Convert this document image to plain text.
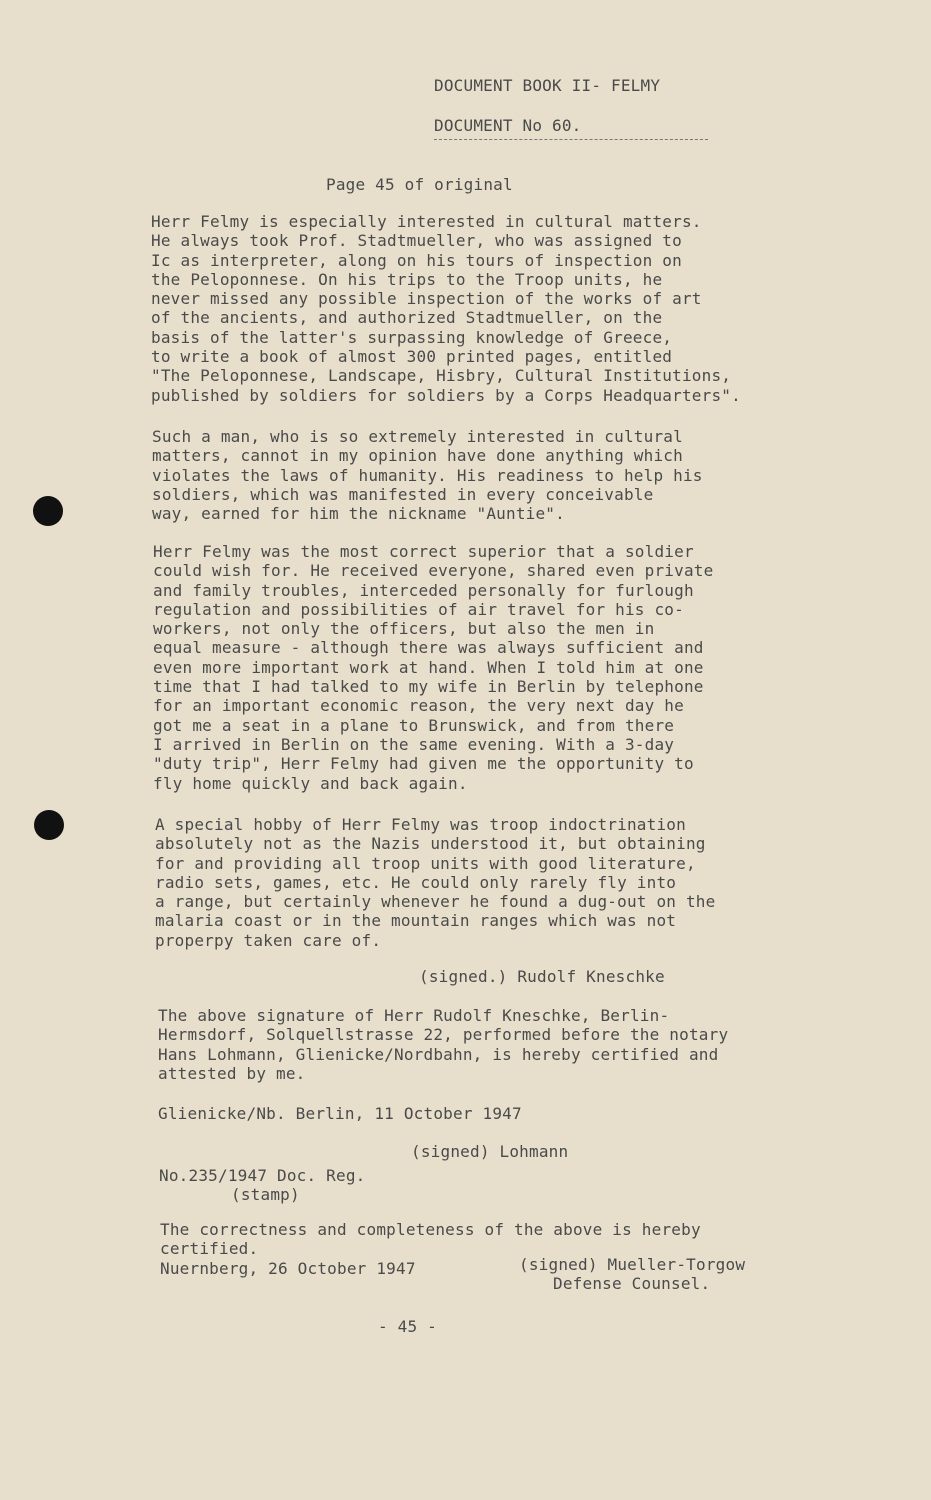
DOCUMENT BOOK II- FELMY
DOCUMENT No 60.
Page 45 of original
Herr Felmy is especially interested in cultural matters.
He always took Prof. Stadtmueller, who was assigned to
Ic as interpreter, along on his tours of inspection on
the Peloponnese. On his trips to the Troop units, he
never missed any possible inspection of the works of art
of the ancients, and authorized Stadtmueller, on the
basis of the latter's surpassing knowledge of Greece,
to write a book of almost 300 printed pages, entitled
"The Peloponnese, Landscape, Hisbry, Cultural Institutions,
published by soldiers for soldiers by a Corps Headquarters".
Such a man, who is so extremely interested in cultural
matters, cannot in my opinion have done anything which
violates the laws of humanity. His readiness to help his
soldiers, which was manifested in every conceivable
way, earned for him the nickname "Auntie".
Herr Felmy was the most correct superior that a soldier
could wish for. He received everyone, shared even private
and family troubles, interceded personally for furlough
regulation and possibilities of air travel for his co-
workers, not only the officers, but also the men in
equal measure - although there was always sufficient and
even more important work at hand. When I told him at one
time that I had talked to my wife in Berlin by telephone
for an important economic reason, the very next day he
got me a seat in a plane to Brunswick, and from there
I arrived in Berlin on the same evening. With a 3-day
"duty trip", Herr Felmy had given me the opportunity to
fly home quickly and back again.
A special hobby of Herr Felmy was troop indoctrination
absolutely not as the Nazis understood it, but obtaining
for and providing all troop units with good literature,
radio sets, games, etc. He could only rarely fly into
a range, but certainly whenever he found a dug-out on the
malaria coast or in the mountain ranges which was not
properpy taken care of.
(signed.) Rudolf Kneschke
The above signature of Herr Rudolf Kneschke, Berlin-
Hermsdorf, Solquellstrasse 22, performed before the notary
Hans Lohmann, Glienicke/Nordbahn, is hereby certified and
attested by me.
Glienicke/Nb. Berlin, 11 October 1947
(signed) Lohmann
No.235/1947 Doc. Reg.
(stamp)
The correctness and completeness of the above is hereby
certified.
Nuernberg, 26 October 1947	(signed) Mueller-Torgow
Defense Counsel.
- 45 -
